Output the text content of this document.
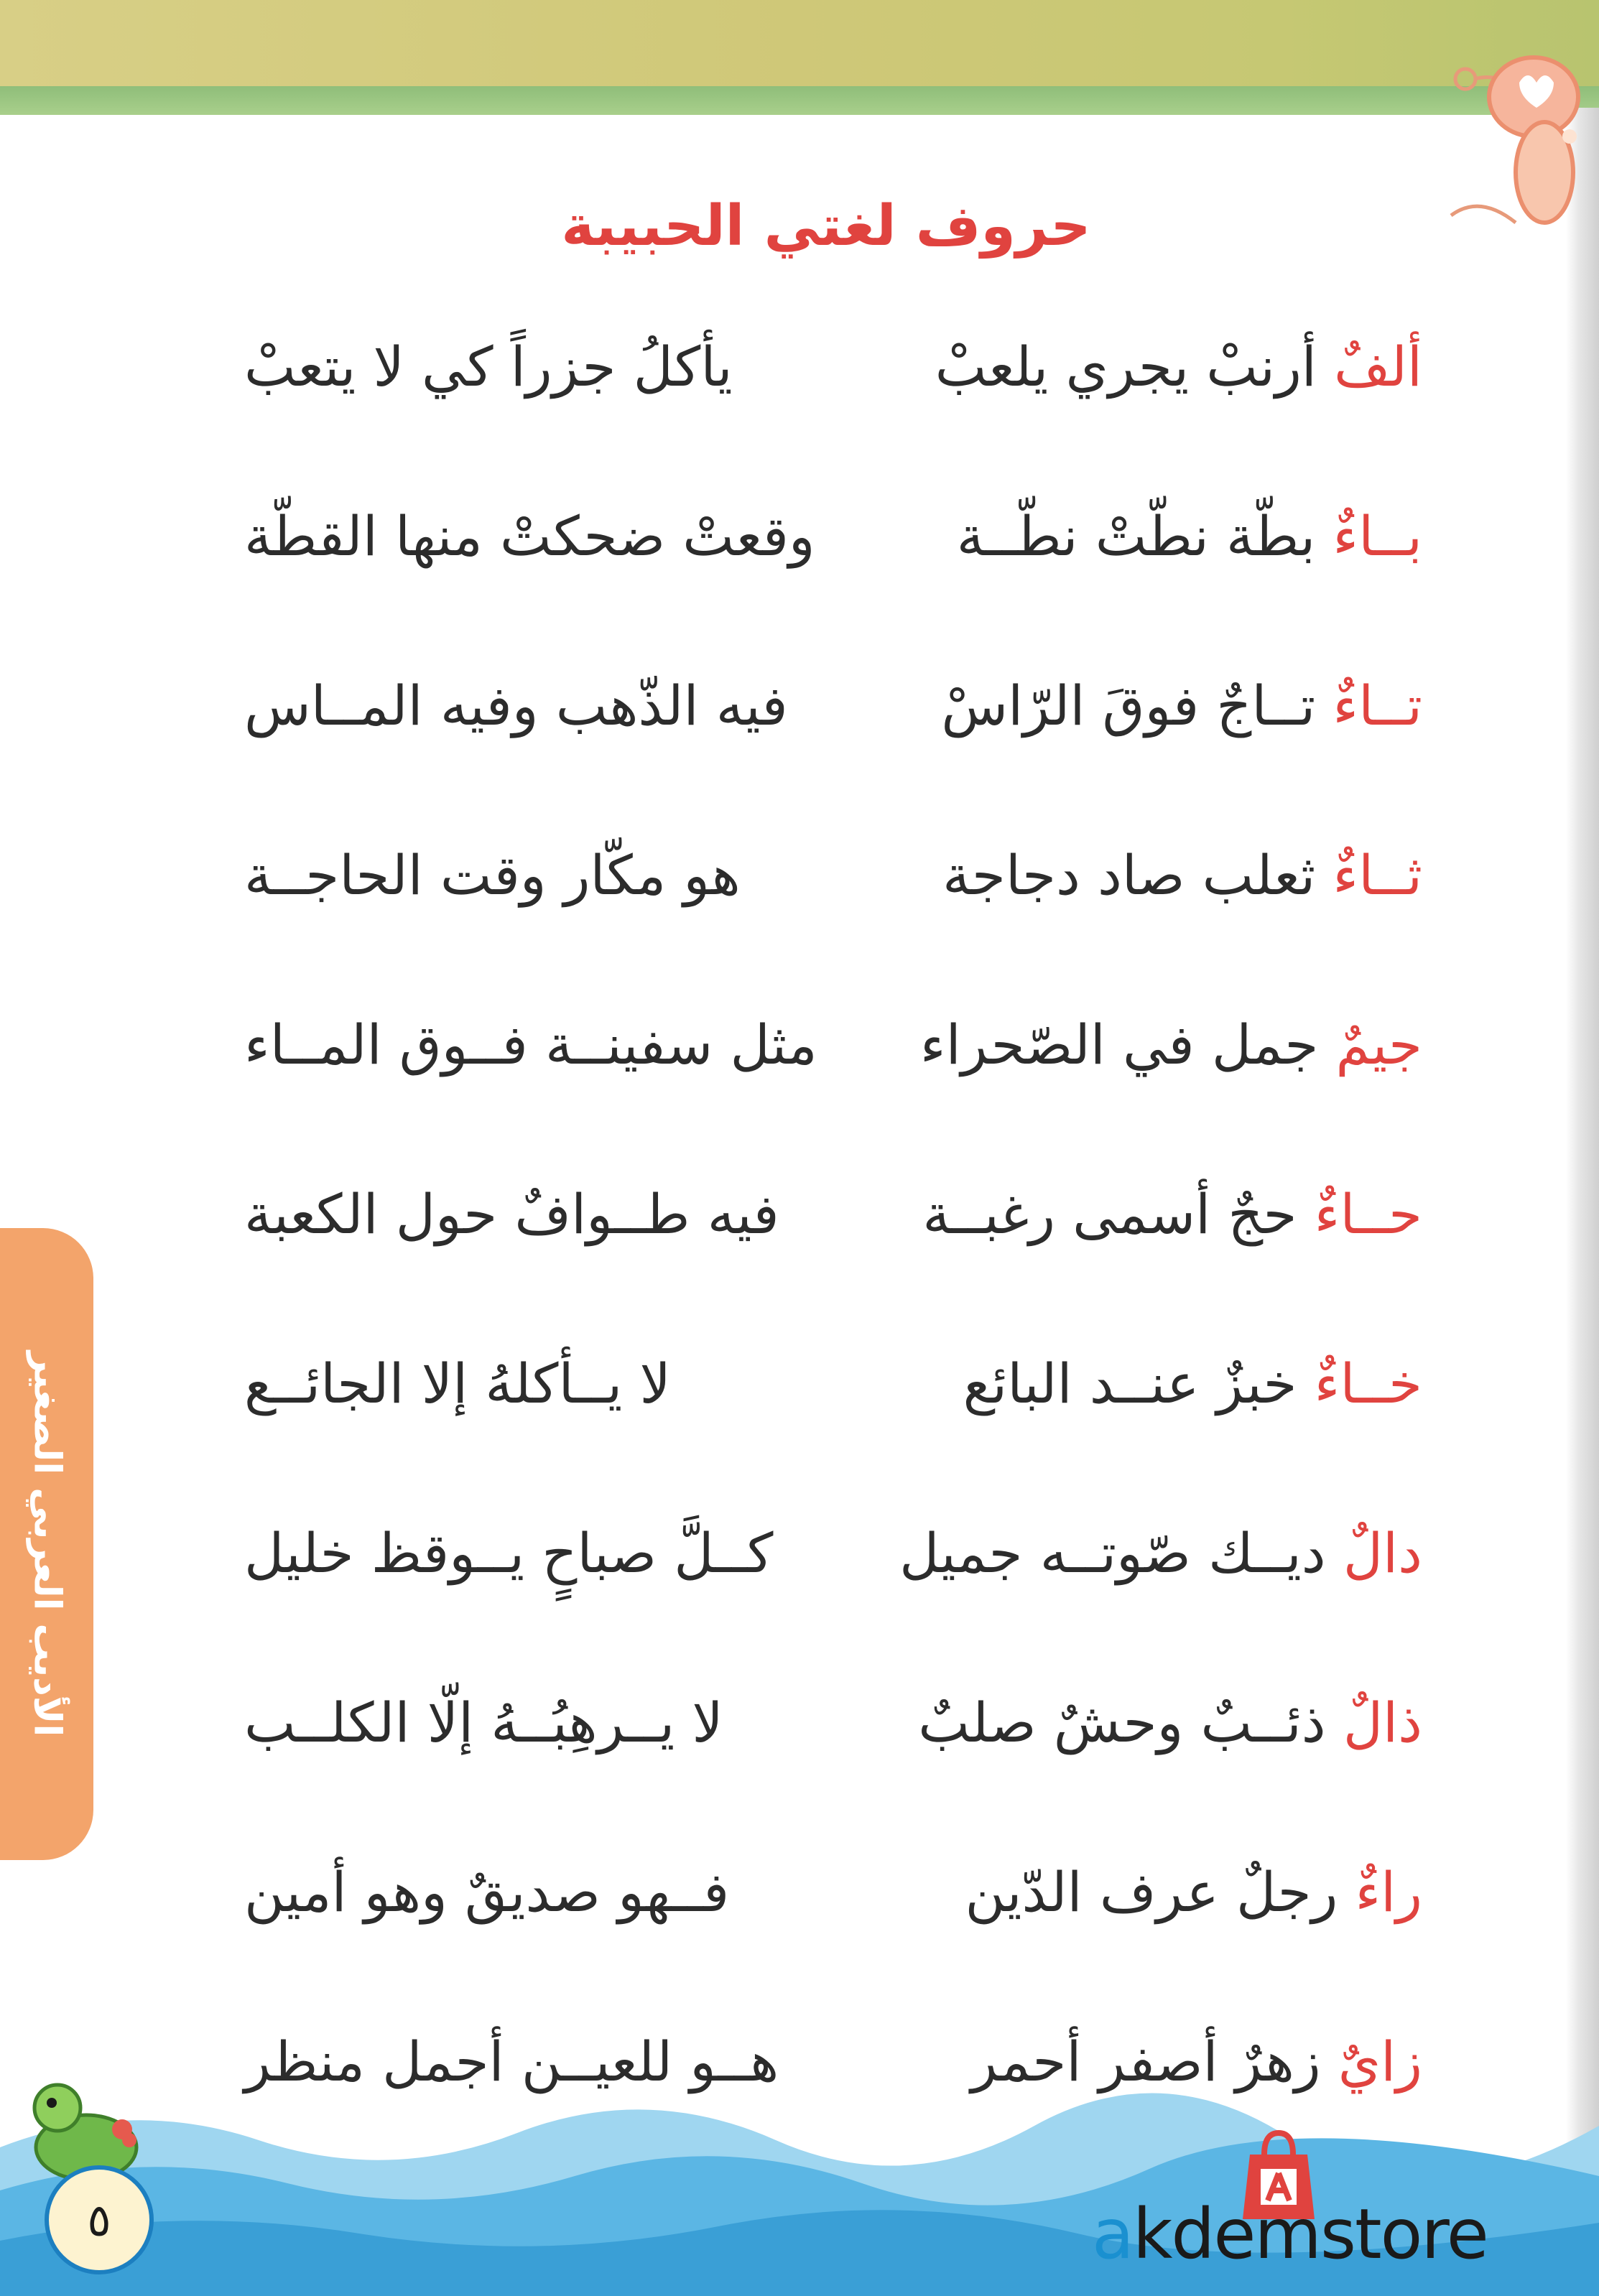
الأديب العربي الصغير
حروف لغتي الحبيبة
ألفٌ أرنبْ يجري يلعبْ
يأكلُ جزراً كي لا يتعبْ
بــاءٌ بطّة نطّتْ نطّــة
وقعتْ ضحكتْ منها القطّة
تــاءٌ تــاجٌ فوقَ الرّاسْ
فيه الذّهب وفيه المــاس
ثــاءٌ ثعلب صاد دجاجة
هو مكّار وقت الحاجــة
جيمٌ جمل في الصّحراء
مثل سفينــة فــوق المــاء
حــاءٌ حجٌ أسمى رغبــة
فيه طــوافٌ حول الكعبة
خــاءٌ خبزٌ عنــد البائع
لا يــأكلهُ إلا الجائــع
دالٌ ديــك صّوتــه جميل
كــلَّ صباحٍ يــوقظ خليل
ذالٌ ذئــبٌ وحشٌ صلبٌ
لا يــرهِبُــهُ إلّا الكلــب
راءٌ رجلٌ عرف الدّين
فــهو صديقٌ وهو أمين
زايٌ زهرٌ أصفر أحمر
هــو للعيــن أجمل منظر
٥	akdemstore
